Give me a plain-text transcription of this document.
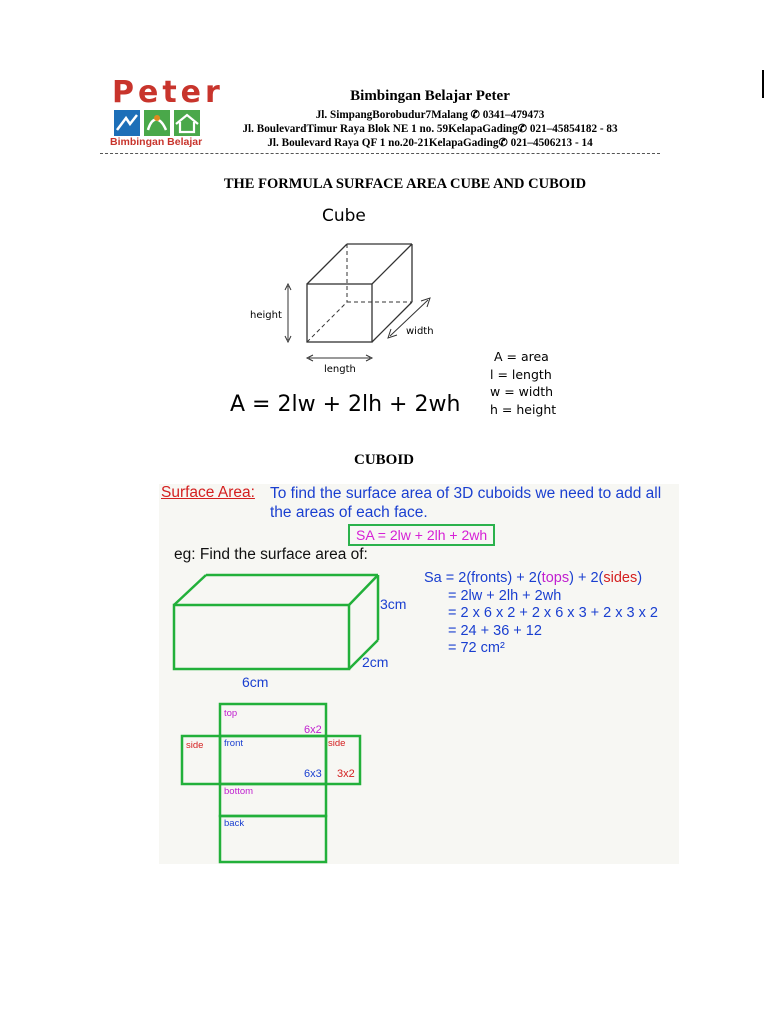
Peter
Bimbingan Belajar
Bimbingan Belajar Peter
Jl. SimpangBorobudur7Malang ✆ 0341–479473
Jl. BoulevardTimur Raya Blok NE 1 no. 59KelapaGading✆ 021–45854182 - 83
Jl. Boulevard Raya QF 1 no.20-21KelapaGading✆ 021–4506213 - 14
THE FORMULA SURFACE AREA CUBE AND CUBOID
Cube
height
length
width
A = 2lw + 2lh + 2wh
A = area
l = length
w = width
h = height
CUBOID
Surface Area: To find the surface area of 3D cuboids we need to add all the areas of each face.
SA = 2lw + 2lh + 2wh
eg: Find the surface area of:
Sa = 2(fronts) + 2(tops) + 2(sides)
= 2lw + 2lh + 2wh
= 2 x 6 x 2 + 2 x 6 x 3 + 2 x 3 x 2
= 24 + 36 + 12
= 72 cm²
3cm
2cm
6cm
top
6x2
side front	side
6x3 3x2
bottom
back
